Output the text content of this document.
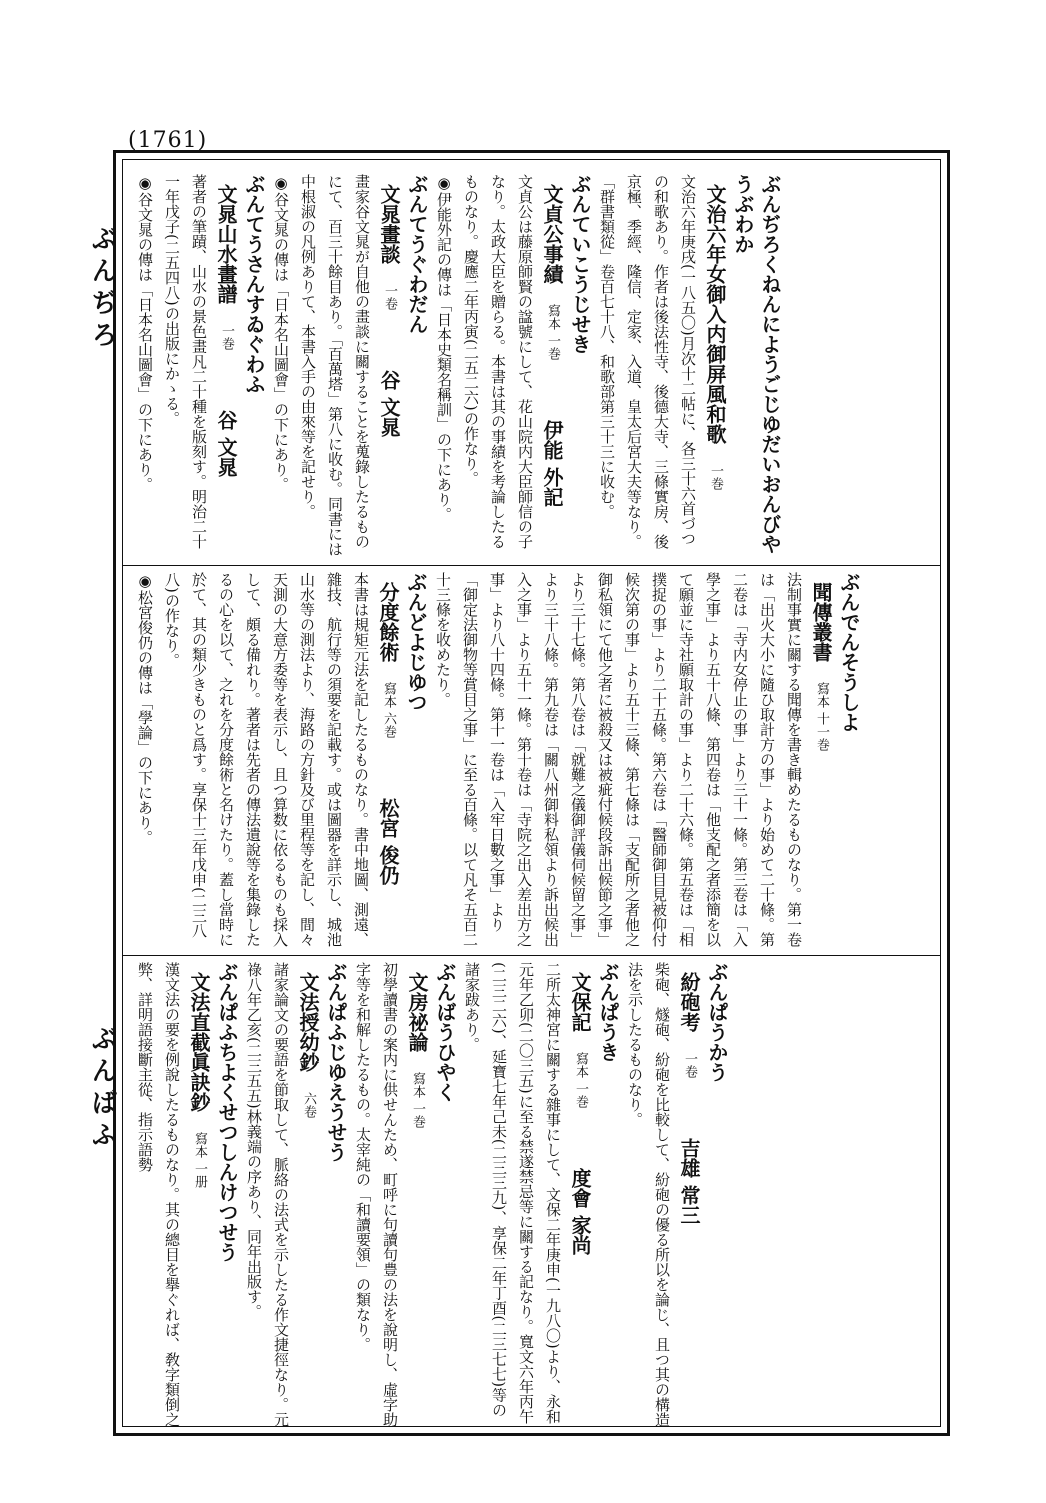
(1761)
ぶんぢろ
ぶんばふ
ぶんぢろくねんにようごじゆだいおんびやうぶわか
文治六年女御入内御屏風和歌　一巻
文治六年庚戌(一八五〇)月次十二帖に、各三十六首づつの和歌あり。作者は後法性寺、後德大寺、三條實房、後京極、季經、隆信、定家、入道、皇太后宮大夫等なり。「群書類從」卷百七十八、和歌部第三十三に收む。

ぶんていこうじせき
文貞公事績　寫本 一巻　伊能 外記
文貞公は藤原師賢の諡號にして、花山院内大臣師信の子なり。太政大臣を贈らる。本書は其の事績を考論したるものなり。慶應二年丙寅(二五二六)の作なり。
◉伊能外記の傳は「日本史類名稱訓」の下にあり。

ぶんてうぐわだん
文晁畫談　一卷　谷 文晁
畫家谷文晁が自他の畫談に關することを蒐錄したるものにて、百三十餘目あり。「百萬塔」第八に收む。同書には中根淑の凡例ありて、本書入手の由來等を記せり。
◉谷文晁の傳は「日本名山圖會」の下にあり。

ぶんてうさんすゐぐわふ
文晁山水畫譜　一巻　谷 文晁
著者の筆蹟、山水の景色畫凡二十種を版刻す。明治二十一年戊子(二五四八)の出版にかゝる。
◉谷文晁の傳は「日本名山圖會」の下にあり。
ぶんでんそうしよ
聞傳叢書　寫本 十一巻
法制事實に關する聞傳を書き輯めたるものなり。第一卷は「出火大小に隨ひ取計方の事」より始めて二十條。第二卷は「寺内女停止の事」より三十一條。第三卷は「入學之事」より五十八條、第四卷は「他支配之者添簡を以て願並に寺社願取計の事」より二十六條。第五卷は「相撲捉の事」より二十五條。第六卷は「醫師御目見被仰付候次第の事」より五十三條、第七條は「支配所之者他之御私領にて他之者に被殺又は被疵付候段訴出候節之事」より三十七條。第八卷は「就難之儀御評儀伺候留之事」より三十八條。第九卷は「關八州御料私領より訴出候出入之事」より五十一條。第十卷は「寺院之出入差出方之事」より八十四條。第十一卷は「入牢日數之事」より「御定法御物等賞目之事」に至る百條。以て凡そ五百二十三條を收めたり。

ぶんどよじゆつ
分度餘術　寫本 六巻　松宮 俊仍
本書は規矩元法を記したるものなり。書中地圖、測遠、雜技、航行等の須要を記載す。或は圖器を詳示し、城池山水等の測法より、海路の方針及び里程等を記し、間々天測の大意方委等を表示し、且つ算数に依るものも採入して、頗る備れり。著者は先者の傳法遺說等を集錄したるの心を以て、之れを分度餘術と名けたり。蓋し當時に於て、其の類少きものと爲す。享保十三年戊申(二三八八)の作なり。
◉松宮俊仍の傳は「學論」の下にあり。
ぶんぱうかう
紛砲考　一卷　吉雄 常三
柴砲、燧砲、紛砲を比較して、紛砲の優る所以を論じ、且つ其の構造法を示したるものなり。

ぶんぱうき
文保記　寫本 一巻　度會 家尚
二所太神宮に關する雜事にして、文保二年庚申(一九八〇)より、永和元年乙卯(二〇三五)に至る禁遂禁忌等に關する記なり。寬文六年丙午(二三二六)、延寶七年己未(二三三九)、享保二年丁酉(二三七七)等の諸家跋あり。

ぶんばうひやく
文房祕論　寫本 一巻
初學讀書の案内に供せんため、町呼に句讀句豊の法を說明し、虛字助字等を和解したるもの。太宰純の「和讀要領」の類なり。

ぶんぱふじゆえうせう
文法授幼鈔　六卷
諸家論文の要語を節取して、脈絡の法式を示したる作文捷徑なり。元祿八年乙亥(二三五五)林義端の序あり、同年出版す。

ぶんぱふちよくせつしんけつせう
文法直截眞訣鈔　寫本 一册
漢文法の要を例說したるものなり。其の總目を擧ぐれば、敎字類倒之弊、詳明語接斷主從、指示語勢
